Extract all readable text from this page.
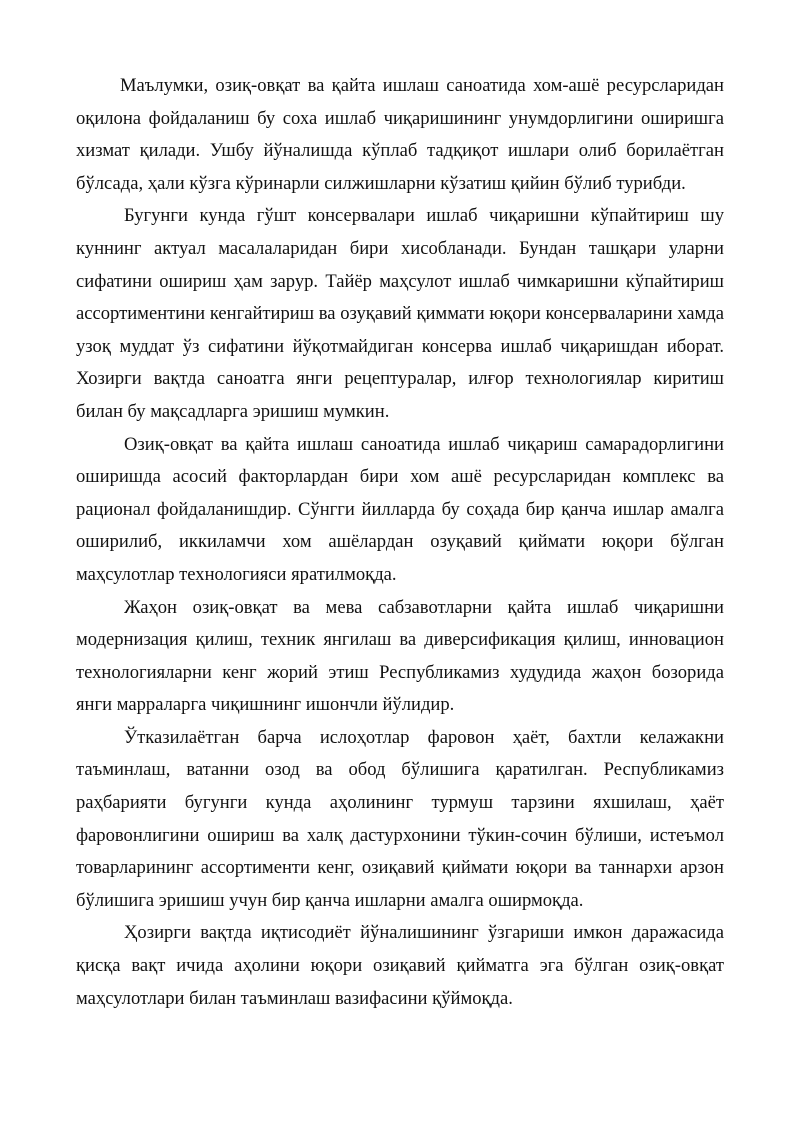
Маълумки, озиқ-овқат ва қайта ишлаш саноатида хом-ашё ресурсларидан оқилона фойдаланиш бу соха ишлаб чиқаришининг унумдорлигини оширишга хизмат қилади. Ушбу йўналишда кўплаб тадқиқот ишлари олиб борилаётган бўлсада, ҳали кўзга кўринарли силжишларни кўзатиш қийин бўлиб турибди.

Бугунги кунда гўшт консервалари ишлаб чиқаришни кўпайтириш шу куннинг актуал масалаларидан бири хисобланади. Бундан ташқари уларни сифатини ошириш ҳам зарур. Тайёр маҳсулот ишлаб чимкаришни кўпайтириш ассортиментини кенгайтириш ва озуқавий қиммати юқори консерваларини хамда узоқ муддат ўз сифатини йўқотмайдиган консерва ишлаб чиқаришдан иборат. Хозирги вақтда саноатга янги рецептуралар, илғор технологиялар киритиш билан бу мақсадларга эришиш мумкин.

Озиқ-овқат ва қайта ишлаш саноатида ишлаб чиқариш самарадорлигини оширишда асосий факторлардан бири хом ашё ресурсларидан комплекс ва рационал фойдаланишдир. Сўнгги йилларда бу соҳада бир қанча ишлар амалга оширилиб, иккиламчи хом ашёлардан озуқавий қиймати юқори бўлган маҳсулотлар технологияси яратилмоқда.

Жаҳон озиқ-овқат ва мева сабзавотларни қайта ишлаб чиқаришни модернизация қилиш, техник янгилаш ва диверсификация қилиш, инновацион технологияларни кенг жорий этиш Республикамиз худудида жаҳон бозорида янги марраларга чиқишнинг ишончли йўлидир.

Ўтказилаётган барча ислоҳотлар фаровон ҳаёт, бахтли келажакни таъминлаш, ватанни озод ва обод бўлишига қаратилган. Республикамиз раҳбарияти бугунги кунда аҳолининг турмуш тарзини яхшилаш, ҳаёт фаровонлигини ошириш ва халқ дастурхонини тўкин-сочин бўлиши, истеъмол товарларининг ассортименти кенг, озиқавий қиймати юқори ва таннархи арзон бўлишига эришиш учун бир қанча ишларни амалга оширмоқда.

Ҳозирги вақтда иқтисодиёт йўналишининг ўзгариши имкон даражасида қисқа вақт ичида аҳолини юқори озиқавий қийматга эга бўлган озиқ-овқат маҳсулотлари билан таъминлаш вазифасини қўймоқда.
